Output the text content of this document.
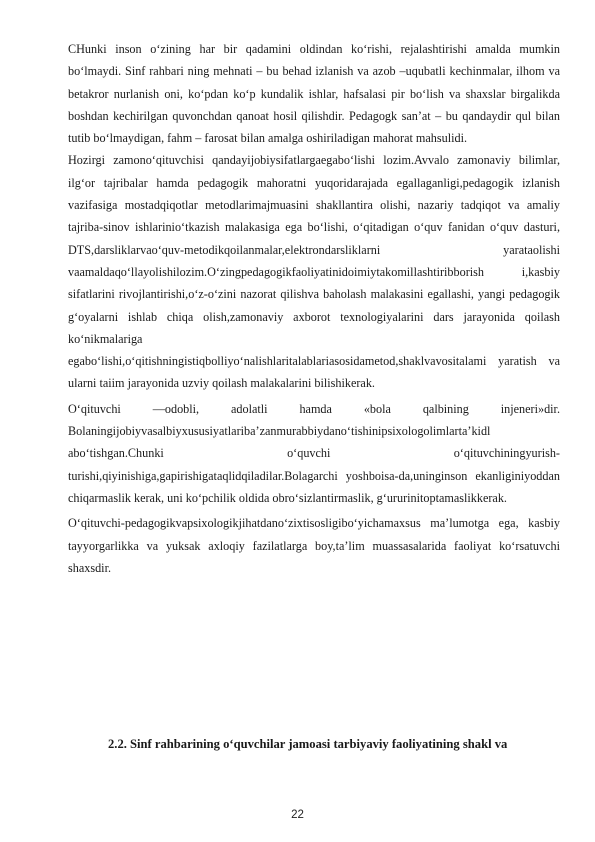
CHunki inson o‘zining har bir qadamini oldindan ko‘rishi, rejalashtirishi amalda mumkin bo‘lmaydi. Sinf rahbari ning mehnati – bu behad izlanish va azob –uqubatli kechinmalar, ilhom va betakror nurlanish oni, ko‘pdan ko‘p kundalik ishlar, hafsalasi pir bo‘lish va shaxslar birgalikda boshdan kechirilgan quvonchdan qanoat hosil qilishdir. Pedagogk san’at – bu qandaydir qul bilan tutib bo‘lmaydigan, fahm – farosat bilan amalga oshiriladigan mahorat mahsulidi.

Hozirgi zamono‘qituvchisi qandayijobiysifatlargaegabo‘lishi lozim.Avvalo zamonaviy bilimlar, ilg‘or tajribalar hamda pedagogik mahoratni yuqoridarajada egallaganligi,pedagogik izlanish vazifasiga mostadqiqotlar metodlarimajmuasini shakllantira olishi, nazariy tadqiqot va amaliy tajriba-sinov ishlarinio‘tkazish malakasiga ega bo‘lishi, o‘qitadigan o‘quv fanidan o‘quv dasturi, DTS,darsliklarvao‘quv-metodikqoilanmalar,elektrondarsliklarni yarataolishi vaamaldaqo‘llayolishilozim.O‘zingpedagogikfaoliyatinidoimiytakomillashtiribborish i,kasbiy sifatlarini rivojlantirishi,o‘z-o‘zini nazorat qilishva baholash malakasini egallashi, yangi pedagogik g‘oyalarni ishlab chiqa olish,zamonaviy axborot texnologiyalarini dars jarayonida qoilash ko‘nikmalariga egabo‘lishi,o‘qitishningistiqbolliyo‘nalishlaritalablariasosidametod,shaklvavositalami yaratish va ularni taiim jarayonida uzviy qoilash malakalarini bilishikerak.

O‘qituvchi —odobli, adolatli hamda «bola qalbining injeneri»dir. Bolaningijobiyvasalbiyxususiyatlariba’zanmurabbiydano‘tishinipsixologolimlarta’kidl abo‘tishgan.Chunki o‘quvchi o‘qituvchiningyurish-turishi,qiyinishiga,gapirishigataqlidqiladilar.Bolagarchi yoshboisa-da,uninginson ekanliginiyoddan chiqarmaslik kerak, uni ko‘pchilik oldida obro‘sizlantirmaslik, g‘ururinitoptamaslikkerak.

O‘qituvchi-pedagogikvapsixologikjihatdano‘zixtisosligibo‘yichamaxsus ma’lumotga ega, kasbiy tayyorgarlikka va yuksak axloqiy fazilatlarga boy,ta’lim muassasalarida faoliyat ko‘rsatuvchi shaxsdir.

2.2. Sinf rahbarining o‘quvchilar jamoasi tarbiyaviy faoliyatining shakl va

22
